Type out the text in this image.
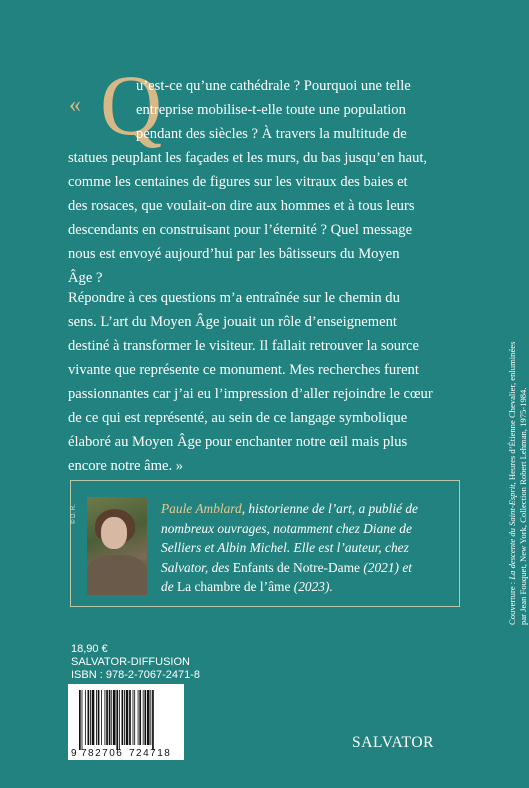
« Q
u’est-ce qu’une cathédrale ? Pourquoi une telle
entreprise mobilise-t-elle toute une population
pendant des siècles ? À travers la multitude de
statues peuplant les façades et les murs, du bas jusqu’en haut,
comme les centaines de figures sur les vitraux des baies et
des rosaces, que voulait-on dire aux hommes et à tous leurs
descendants en construisant pour l’éternité ? Quel message
nous est envoyé aujourd’hui par les bâtisseurs du Moyen
Âge ?
Répondre à ces questions m’a entraînée sur le chemin du
sens. L’art du Moyen Âge jouait un rôle d’enseignement
destiné à transformer le visiteur. Il fallait retrouver la source
vivante que représente ce monument. Mes recherches furent
passionnantes car j’ai eu l’impression d’aller rejoindre le cœur
de ce qui est représenté, au sein de ce langage symbolique
élaboré au Moyen Âge pour enchanter notre œil mais plus
encore notre âme. »
© D. R.	Paule Amblard, historienne de l’art, a publié de
nombreux ouvrages, notamment chez Diane de
Selliers et Albin Michel. Elle est l’auteur, chez
Salvator, des Enfants de Notre-Dame (2021) et
de La chambre de l’âme (2023).	Couverture : La descente du Saint-Esprit, Heures d’Étienne Chevalier, enluminées par Jean Fouquet, New York, Collection Robert Lehman, 1975-1984.
18,90 €
SALVATOR-DIFFUSION
ISBN : 978-2-7067-2471-8
9 782706 724718
SALVATOR
